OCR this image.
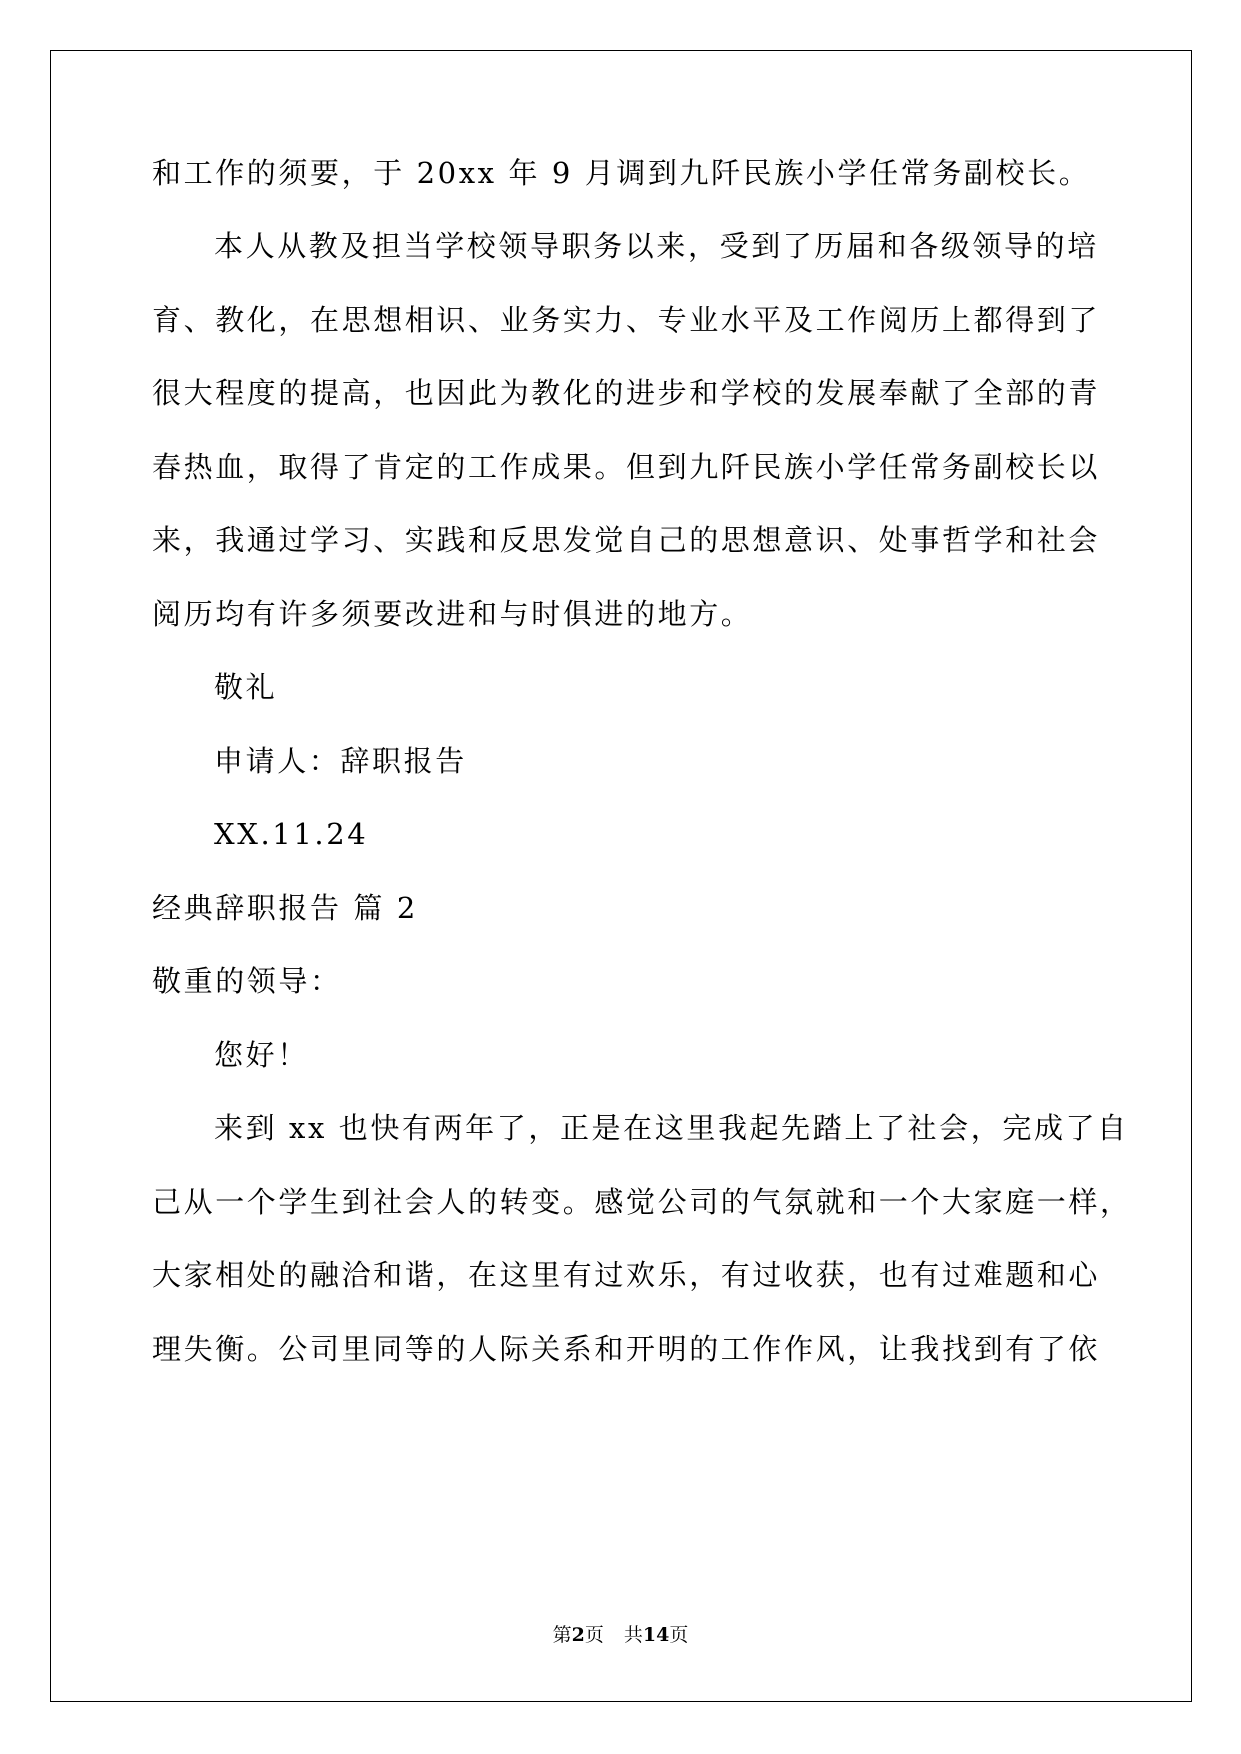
和工作的须要，于 20xx 年 9 月调到九阡民族小学任常务副校长。
本人从教及担当学校领导职务以来，受到了历届和各级领导的培
育、教化，在思想相识、业务实力、专业水平及工作阅历上都得到了
很大程度的提高，也因此为教化的进步和学校的发展奉献了全部的青
春热血，取得了肯定的工作成果。但到九阡民族小学任常务副校长以
来，我通过学习、实践和反思发觉自己的思想意识、处事哲学和社会
阅历均有许多须要改进和与时俱进的地方。
敬礼
申请人：辞职报告
XX.11.24
经典辞职报告 篇 2
敬重的领导：
您好！
来到 xx 也快有两年了，正是在这里我起先踏上了社会，完成了自
己从一个学生到社会人的转变。感觉公司的气氛就和一个大家庭一样，
大家相处的融洽和谐，在这里有过欢乐，有过收获，也有过难题和心
理失衡。公司里同等的人际关系和开明的工作作风，让我找到有了依
第2页 共14页
